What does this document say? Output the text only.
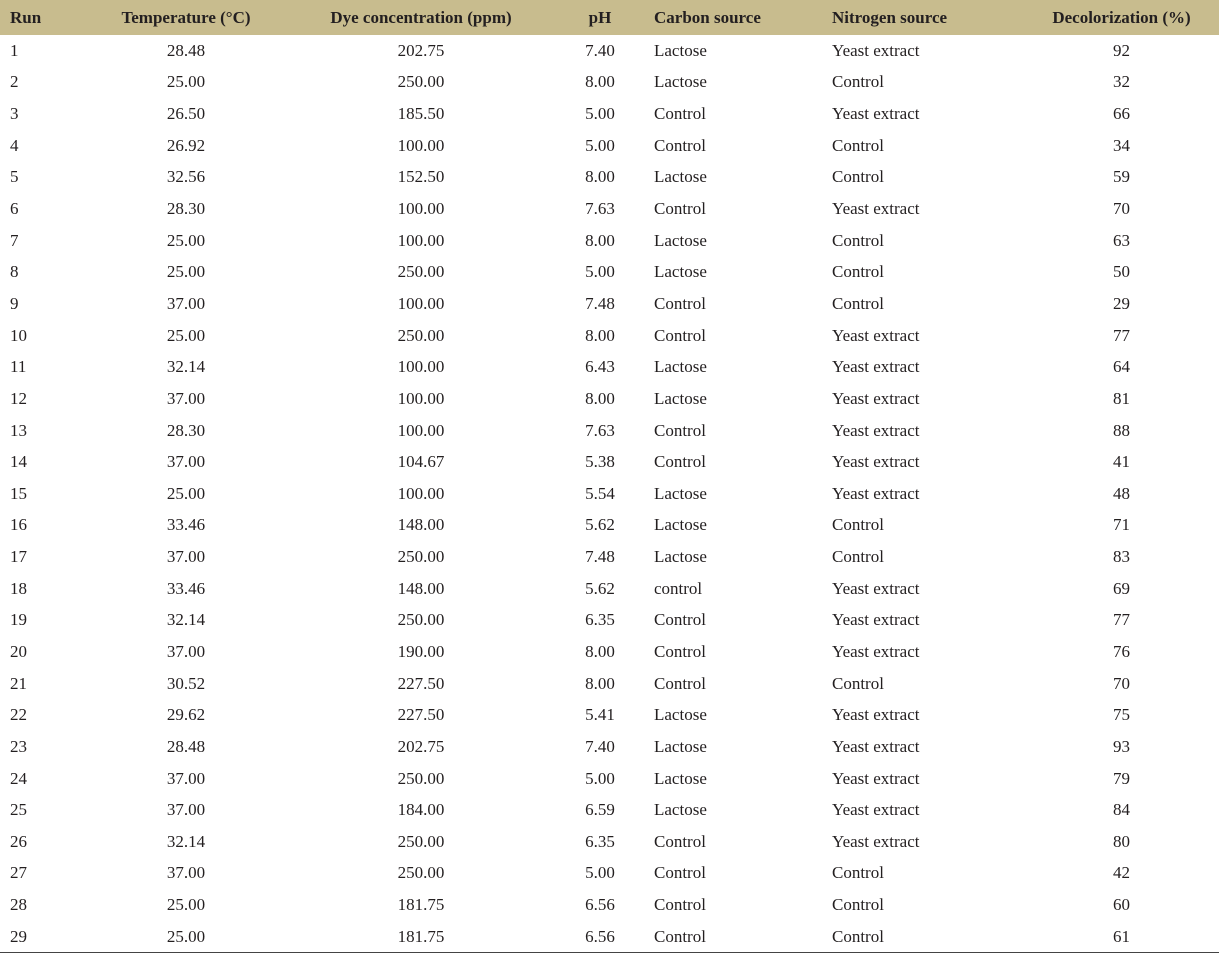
Run	Temperature (°C)	Dye concentration (ppm)	pH	Carbon source	Nitrogen source	Decolorization (%)
1	28.48	202.75	7.40	Lactose	Yeast extract	92
2	25.00	250.00	8.00	Lactose	Control	32
3	26.50	185.50	5.00	Control	Yeast extract	66
4	26.92	100.00	5.00	Control	Control	34
5	32.56	152.50	8.00	Lactose	Control	59
6	28.30	100.00	7.63	Control	Yeast extract	70
7	25.00	100.00	8.00	Lactose	Control	63
8	25.00	250.00	5.00	Lactose	Control	50
9	37.00	100.00	7.48	Control	Control	29
10	25.00	250.00	8.00	Control	Yeast extract	77
11	32.14	100.00	6.43	Lactose	Yeast extract	64
12	37.00	100.00	8.00	Lactose	Yeast extract	81
13	28.30	100.00	7.63	Control	Yeast extract	88
14	37.00	104.67	5.38	Control	Yeast extract	41
15	25.00	100.00	5.54	Lactose	Yeast extract	48
16	33.46	148.00	5.62	Lactose	Control	71
17	37.00	250.00	7.48	Lactose	Control	83
18	33.46	148.00	5.62	control	Yeast extract	69
19	32.14	250.00	6.35	Control	Yeast extract	77
20	37.00	190.00	8.00	Control	Yeast extract	76
21	30.52	227.50	8.00	Control	Control	70
22	29.62	227.50	5.41	Lactose	Yeast extract	75
23	28.48	202.75	7.40	Lactose	Yeast extract	93
24	37.00	250.00	5.00	Lactose	Yeast extract	79
25	37.00	184.00	6.59	Lactose	Yeast extract	84
26	32.14	250.00	6.35	Control	Yeast extract	80
27	37.00	250.00	5.00	Control	Control	42
28	25.00	181.75	6.56	Control	Control	60
29	25.00	181.75	6.56	Control	Control	61
